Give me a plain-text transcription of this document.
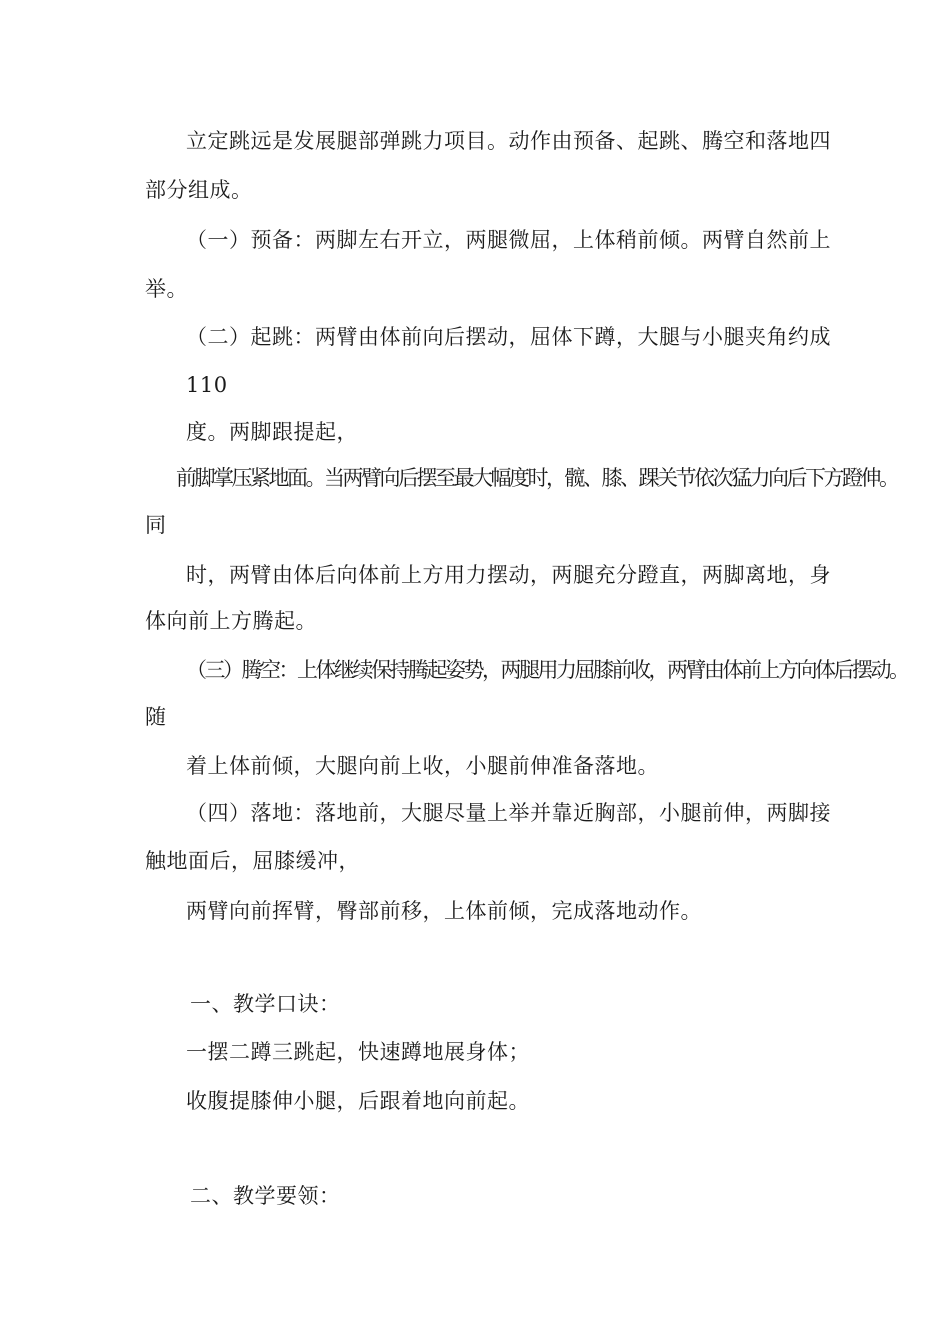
立定跳远是发展腿部弹跳力项目。动作由预备、起跳、腾空和落地四
部分组成。
（一）预备：两脚左右开立，两腿微屈，上体稍前倾。两臂自然前上
举。
（二）起跳：两臂由体前向后摆动，屈体下蹲，大腿与小腿夹角约成
110
度。两脚跟提起，
前脚掌压紧地面。当两臂向后摆至最大幅度时，髋、膝、踝关节依次猛力向后下方蹬伸。
同
时，两臂由体后向体前上方用力摆动，两腿充分蹬直，两脚离地，身
体向前上方腾起。
（三）腾空：上体继续保持腾起姿势，两腿用力屈膝前收，两臂由体前上方向体后摆动。
随
着上体前倾，大腿向前上收，小腿前伸准备落地。
（四）落地：落地前，大腿尽量上举并靠近胸部，小腿前伸，两脚接
触地面后，屈膝缓冲，
两臂向前挥臂，臀部前移，上体前倾，完成落地动作。
一、教学口诀：
一摆二蹲三跳起，快速蹲地展身体；
收腹提膝伸小腿，后跟着地向前起。
二、教学要领：
